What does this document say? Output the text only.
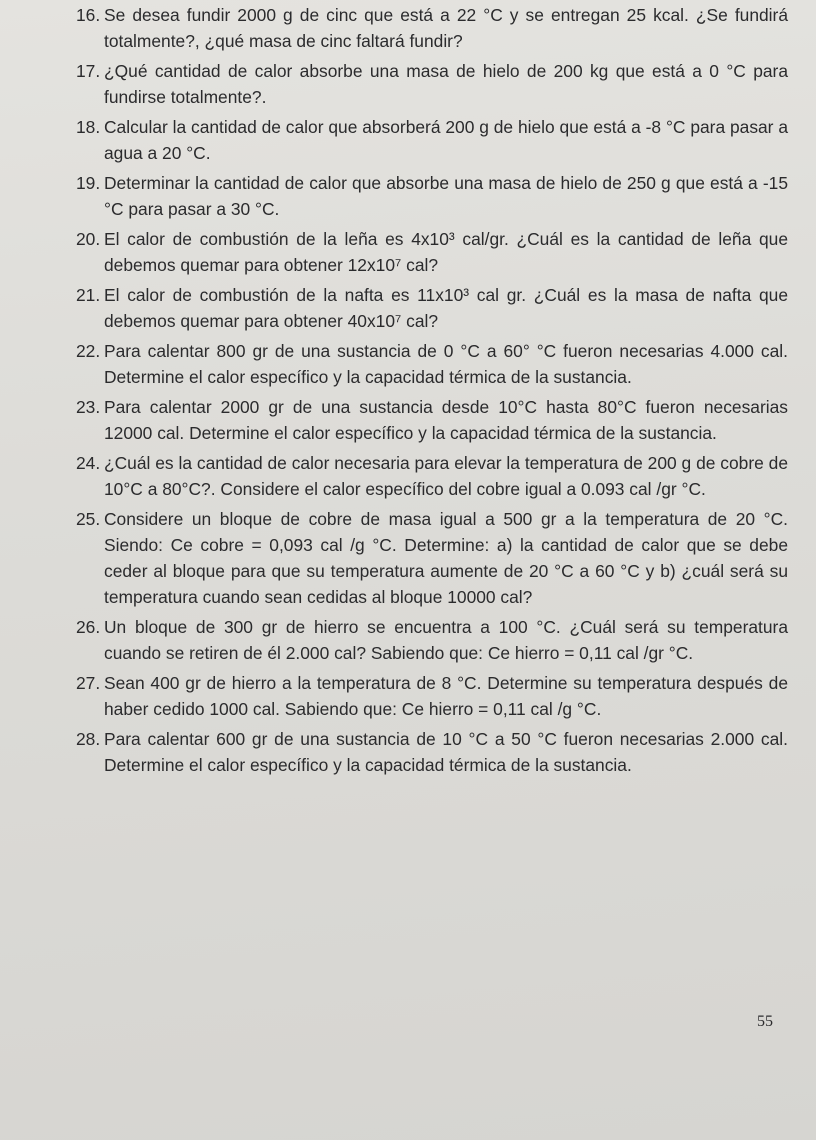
16. Se desea fundir 2000 g de cinc que está a 22 °C y se entregan 25 kcal. ¿Se fundirá totalmente?, ¿qué masa de cinc faltará fundir?
17. ¿Qué cantidad de calor absorbe una masa de hielo de 200 kg que está a 0 °C para fundirse totalmente?.
18. Calcular la cantidad de calor que absorberá 200 g de hielo que está a -8 °C para pasar a agua a 20 °C.
19. Determinar la cantidad de calor que absorbe una masa de hielo de 250 g que está a -15 °C para pasar a 30 °C.
20. El calor de combustión de la leña es 4x10³ cal/gr. ¿Cuál es la cantidad de leña que debemos quemar para obtener 12x10⁷ cal?
21. El calor de combustión de la nafta es 11x10³ cal gr. ¿Cuál es la masa de nafta que debemos quemar para obtener 40x10⁷ cal?
22. Para calentar 800 gr de una sustancia de 0 °C a 60° °C fueron necesarias 4.000 cal. Determine el calor específico y la capacidad térmica de la sustancia.
23. Para calentar 2000 gr de una sustancia desde 10°C hasta 80°C fueron necesarias 12000 cal. Determine el calor específico y la capacidad térmica de la sustancia.
24. ¿Cuál es la cantidad de calor necesaria para elevar la temperatura de 200 g de cobre de 10°C a 80°C?. Considere el calor específico del cobre igual a 0.093 cal /gr °C.
25. Considere un bloque de cobre de masa igual a 500 gr a la temperatura de 20 °C. Siendo: Ce cobre = 0,093 cal /g °C. Determine: a) la cantidad de calor que se debe ceder al bloque para que su temperatura aumente de 20 °C a 60 °C y b) ¿cuál será su temperatura cuando sean cedidas al bloque 10000 cal?
26. Un bloque de 300 gr de hierro se encuentra a 100 °C. ¿Cuál será su temperatura cuando se retiren de él 2.000 cal? Sabiendo que: Ce hierro = 0,11 cal /gr °C.
27. Sean 400 gr de hierro a la temperatura de 8 °C. Determine su temperatura después de haber cedido 1000 cal. Sabiendo que: Ce hierro = 0,11 cal /g °C.
28. Para calentar 600 gr de una sustancia de 10 °C a 50 °C fueron necesarias 2.000 cal. Determine el calor específico y la capacidad térmica de la sustancia.
55
